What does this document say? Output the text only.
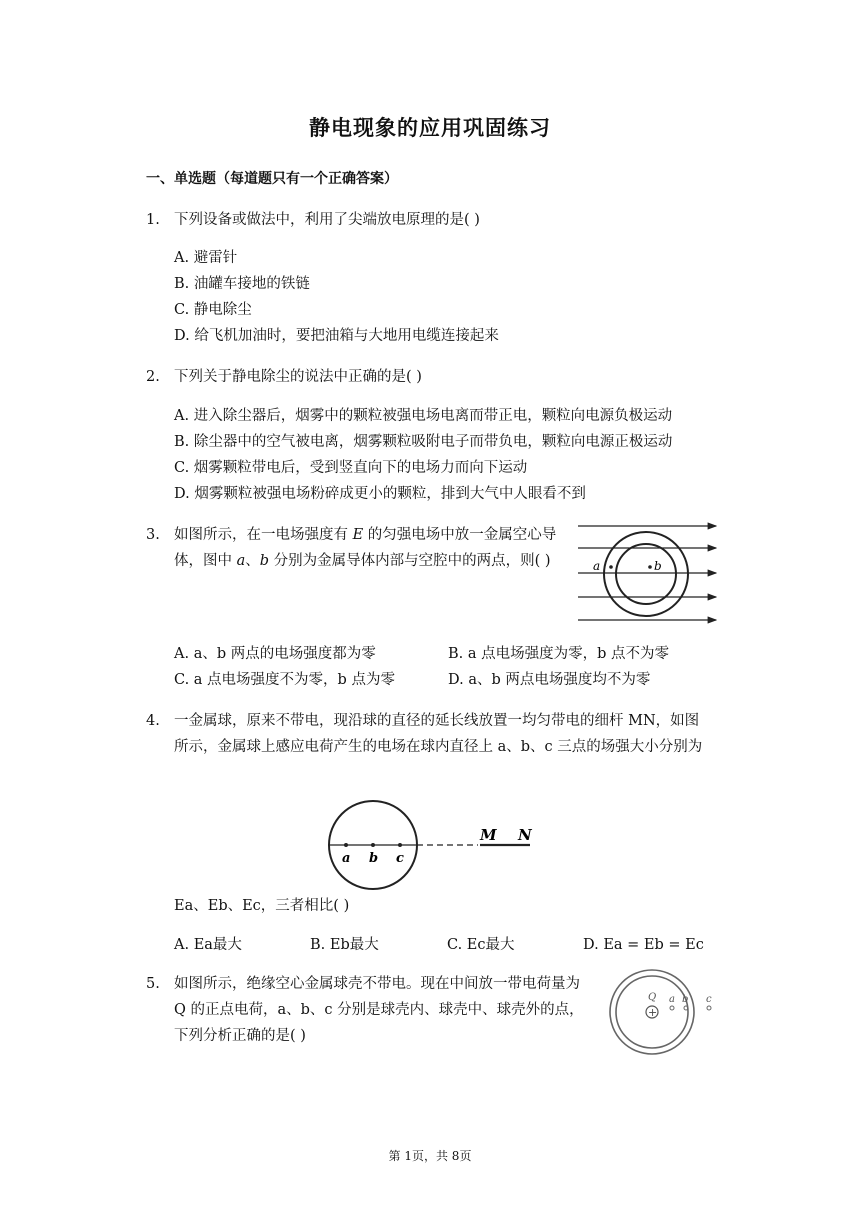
静电现象的应用巩固练习
一、单选题（每道题只有一个正确答案）
1. 下列设备或做法中，利用了尖端放电原理的是( )
A. 避雷针
B. 油罐车接地的铁链
C. 静电除尘
D. 给飞机加油时，要把油箱与大地用电缆连接起来
2. 下列关于静电除尘的说法中正确的是( )
A. 进入除尘器后，烟雾中的颗粒被强电场电离而带正电，颗粒向电源负极运动
B. 除尘器中的空气被电离，烟雾颗粒吸附电子而带负电，颗粒向电源正极运动
C. 烟雾颗粒带电后，受到竖直向下的电场力而向下运动
D. 烟雾颗粒被强电场粉碎成更小的颗粒，排到大气中人眼看不到
3. 如图所示，在一电场强度有 E 的匀强电场中放一金属空心导
体，图中 a、b 分别为金属导体内部与空腔中的两点，则( )	a	b
A. a、b 两点的电场强度都为零	B. a 点电场强度为零，b 点不为零
C. a 点电场强度不为零，b 点为零	D. a、b 两点电场强度均不为零
4. 一金属球，原来不带电，现沿球的直径的延长线放置一均匀带电的细杆 MN，如图
所示，金属球上感应电荷产生的电场在球内直径上 a、b、c 三点的场强大小分别为
a b c
M N
Ea、Eb、Ec，三者相比( )
A. Ea最大	B. Eb最大	C. Ec最大	D. Ea = Eb = Ec
5. 如图所示，绝缘空心金属球壳不带电。现在中间放一带电荷量为
Q 的正点电荷，a、b、c 分别是球壳内、球壳中、球壳外的点，
下列分析正确的是( )
+
Q a b c
第 1页，共 8页
